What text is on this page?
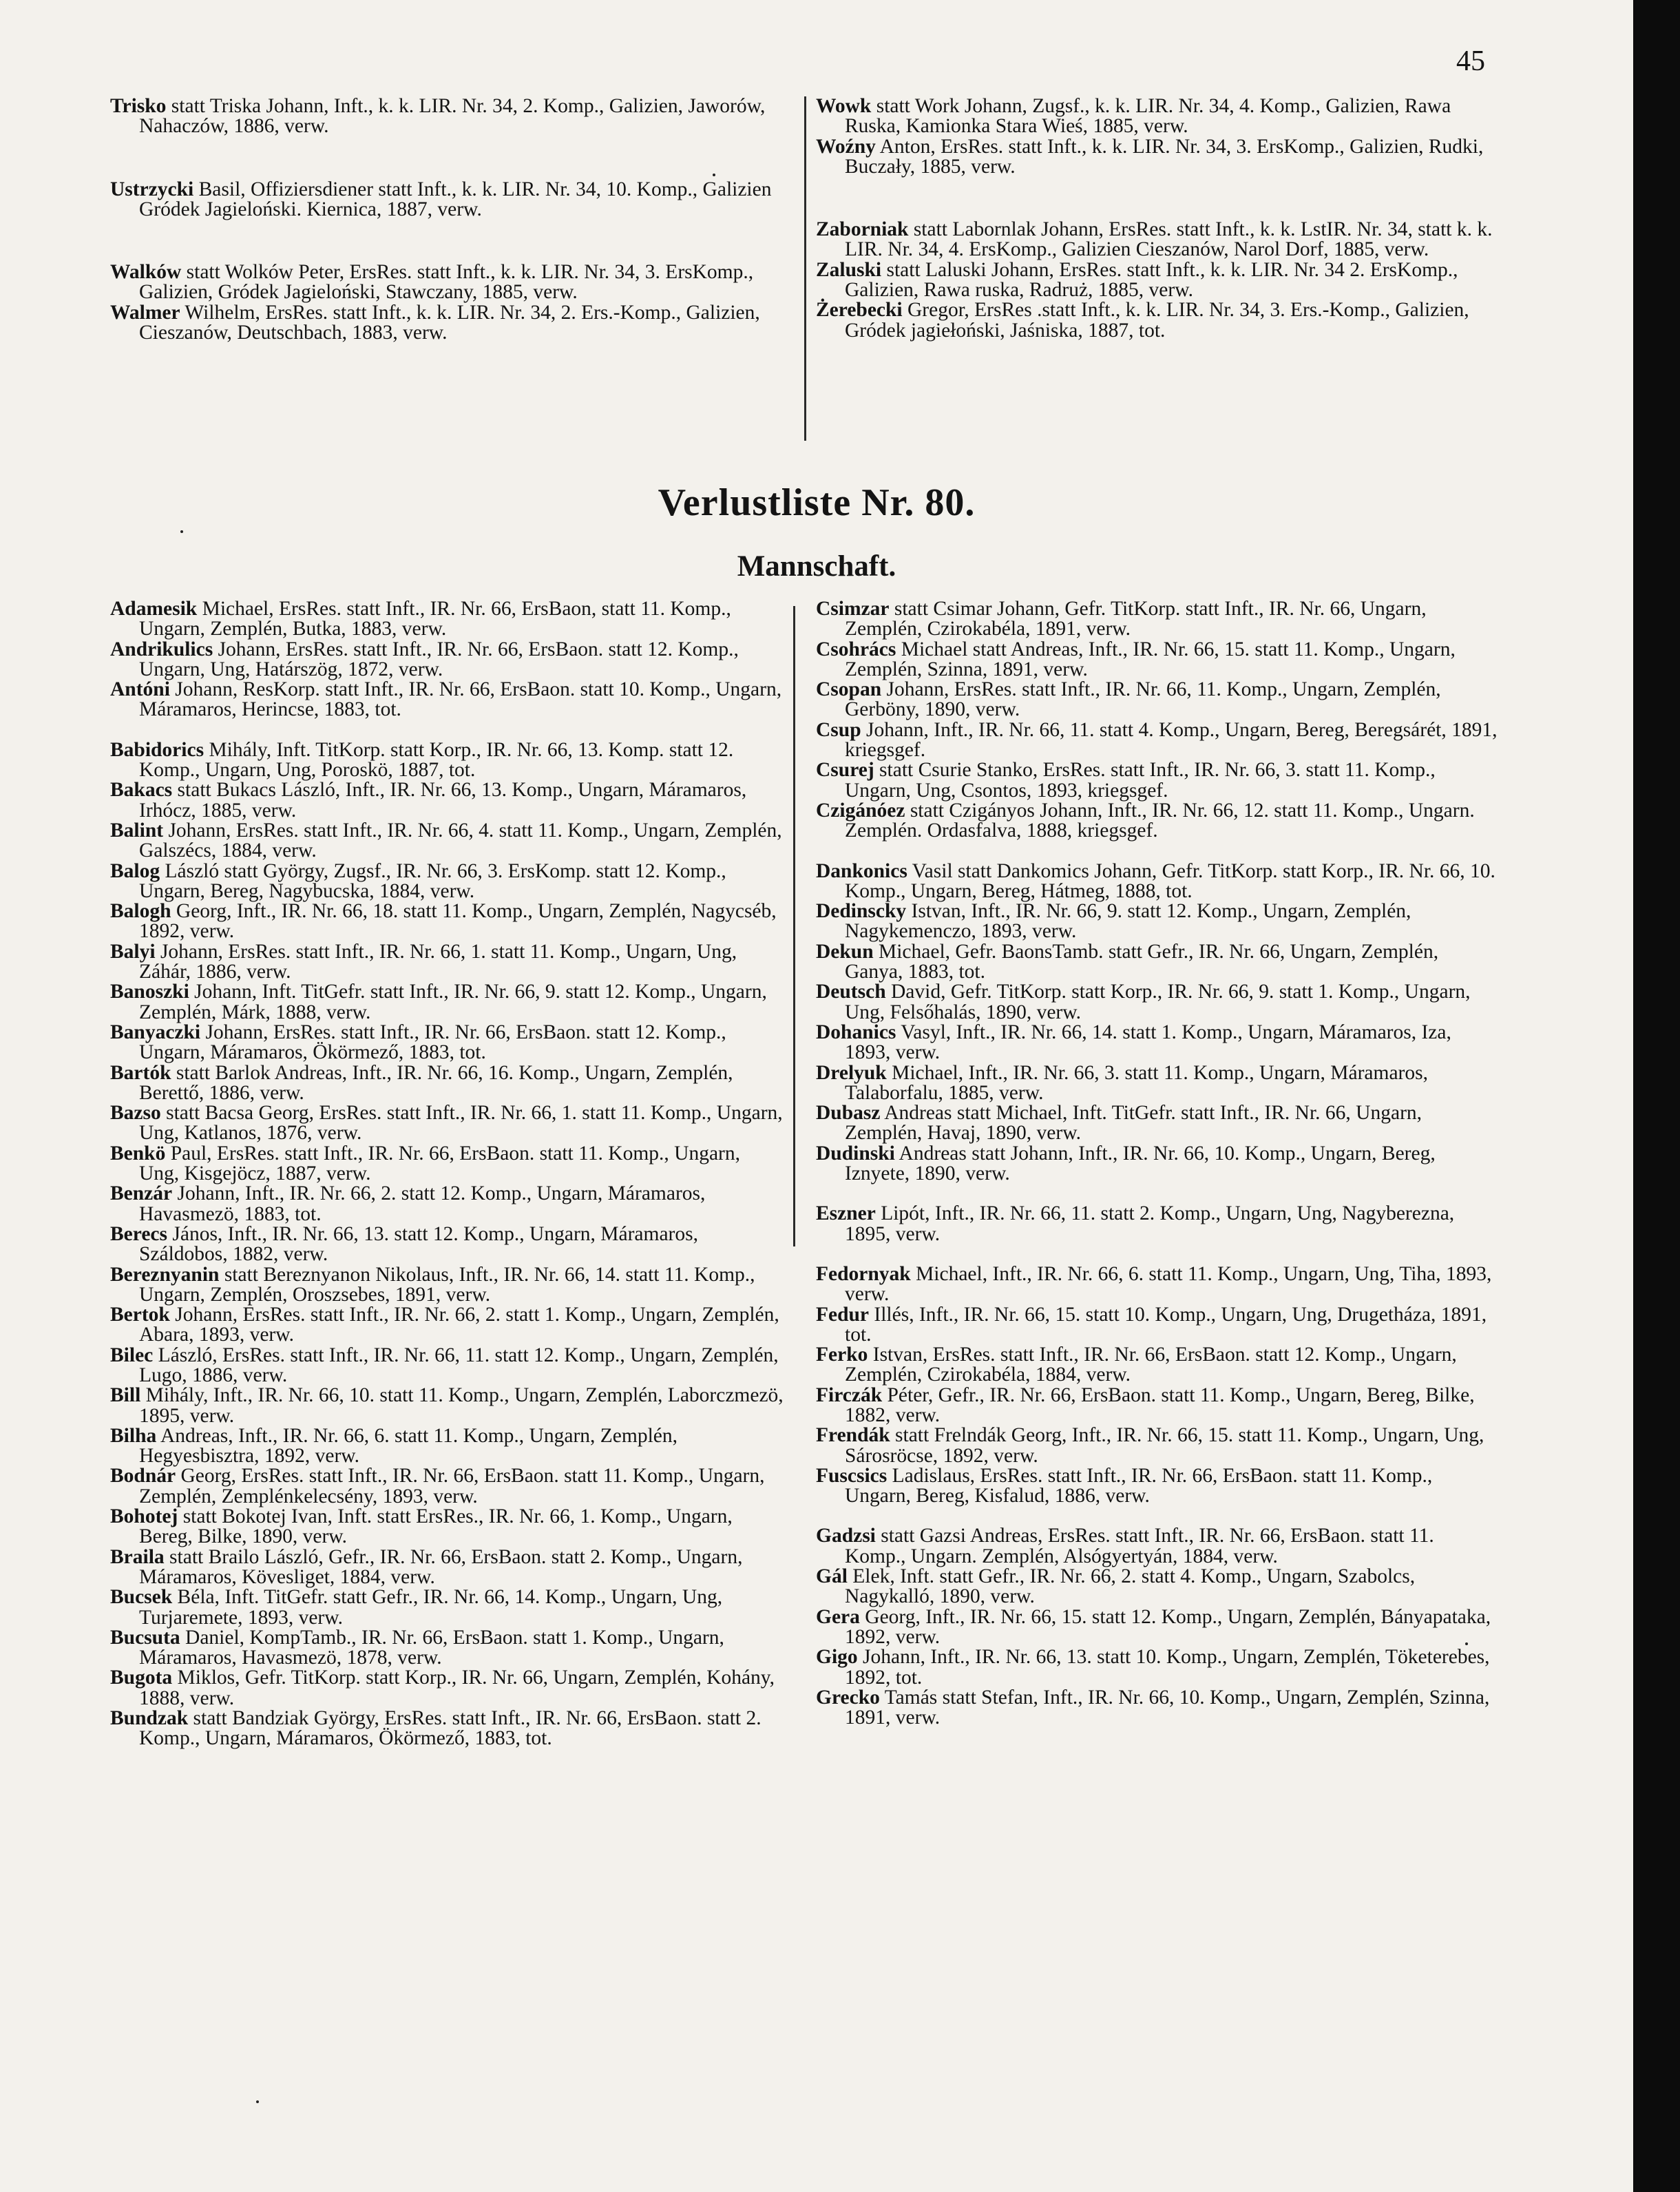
45

Trisko statt Triska Johann, Inft., k. k. LIR. Nr. 34, 2. Komp., Galizien, Jaworów, Nahaczów, 1886, verw.

Ustrzycki Basil, Offiziersdiener statt Inft., k. k. LIR. Nr. 34, 10. Komp., Galizien Gródek Jagieloński. Kiernica, 1887, verw.

Walków statt Wolków Peter, ErsRes. statt Inft., k. k. LIR. Nr. 34, 3. ErsKomp., Galizien, Gródek Jagieloński, Stawczany, 1885, verw.

Walmer Wilhelm, ErsRes. statt Inft., k. k. LIR. Nr. 34, 2. Ers.-Komp., Galizien, Cieszanów, Deutschbach, 1883, verw.

Wowk statt Work Johann, Zugsf., k. k. LIR. Nr. 34, 4. Komp., Galizien, Rawa Ruska, Kamionka Stara Wieś, 1885, verw.

Woźny Anton, ErsRes. statt Inft., k. k. LIR. Nr. 34, 3. ErsKomp., Galizien, Rudki, Buczały, 1885, verw.

Zaborniak statt Labornlak Johann, ErsRes. statt Inft., k. k. LstIR. Nr. 34, statt k. k. LIR. Nr. 34, 4. ErsKomp., Galizien Cieszanów, Narol Dorf, 1885, verw.

Zaluski statt Laluski Johann, ErsRes. statt Inft., k. k. LIR. Nr. 34 2. ErsKomp., Galizien, Rawa ruska, Radruż, 1885, verw.

Żerebecki Gregor, ErsRes .statt Inft., k. k. LIR. Nr. 34, 3. Ers.-Komp., Galizien, Gródek jagiełoński, Jaśniska, 1887, tot.

Verlustliste Nr. 80.
Mannschaft.

Adamesik Michael, ErsRes. statt Inft., IR. Nr. 66, ErsBaon, statt 11. Komp., Ungarn, Zemplén, Butka, 1883, verw.

Andrikulics Johann, ErsRes. statt Inft., IR. Nr. 66, ErsBaon. statt 12. Komp., Ungarn, Ung, Határszög, 1872, verw.

Antóni Johann, ResKorp. statt Inft., IR. Nr. 66, ErsBaon. statt 10. Komp., Ungarn, Máramaros, Herincse, 1883, tot.

Babidorics Mihály, Inft. TitKorp. statt Korp., IR. Nr. 66, 13. Komp. statt 12. Komp., Ungarn, Ung, Poroskö, 1887, tot.

Bakacs statt Bukacs László, Inft., IR. Nr. 66, 13. Komp., Ungarn, Máramaros, Irhócz, 1885, verw.

Balint Johann, ErsRes. statt Inft., IR. Nr. 66, 4. statt 11. Komp., Ungarn, Zemplén, Galszécs, 1884, verw.

Balog László statt György, Zugsf., IR. Nr. 66, 3. ErsKomp. statt 12. Komp., Ungarn, Bereg, Nagybucska, 1884, verw.

Balogh Georg, Inft., IR. Nr. 66, 18. statt 11. Komp., Ungarn, Zemplén, Nagycséb, 1892, verw.

Balyi Johann, ErsRes. statt Inft., IR. Nr. 66, 1. statt 11. Komp., Ungarn, Ung, Záhár, 1886, verw.

Banoszki Johann, Inft. TitGefr. statt Inft., IR. Nr. 66, 9. statt 12. Komp., Ungarn, Zemplén, Márk, 1888, verw.

Banyaczki Johann, ErsRes. statt Inft., IR. Nr. 66, ErsBaon. statt 12. Komp., Ungarn, Máramaros, Ökörmező, 1883, tot.

Bartók statt Barlok Andreas, Inft., IR. Nr. 66, 16. Komp., Ungarn, Zemplén, Berettő, 1886, verw.

Bazso statt Bacsa Georg, ErsRes. statt Inft., IR. Nr. 66, 1. statt 11. Komp., Ungarn, Ung, Katlanos, 1876, verw.

Benkö Paul, ErsRes. statt Inft., IR. Nr. 66, ErsBaon. statt 11. Komp., Ungarn, Ung, Kisgejöcz, 1887, verw.

Benzár Johann, Inft., IR. Nr. 66, 2. statt 12. Komp., Ungarn, Máramaros, Havasmezö, 1883, tot.

Berecs János, Inft., IR. Nr. 66, 13. statt 12. Komp., Ungarn, Máramaros, Száldobos, 1882, verw.

Bereznyanin statt Bereznyanon Nikolaus, Inft., IR. Nr. 66, 14. statt 11. Komp., Ungarn, Zemplén, Oroszsebes, 1891, verw.

Bertok Johann, ErsRes. statt Inft., IR. Nr. 66, 2. statt 1. Komp., Ungarn, Zemplén, Abara, 1893, verw.

Bilec László, ErsRes. statt Inft., IR. Nr. 66, 11. statt 12. Komp., Ungarn, Zemplén, Lugo, 1886, verw.

Bill Mihály, Inft., IR. Nr. 66, 10. statt 11. Komp., Ungarn, Zemplén, Laborczmezö, 1895, verw.

Bilha Andreas, Inft., IR. Nr. 66, 6. statt 11. Komp., Ungarn, Zemplén, Hegyesbisztra, 1892, verw.

Bodnár Georg, ErsRes. statt Inft., IR. Nr. 66, ErsBaon. statt 11. Komp., Ungarn, Zemplén, Zemplénkelecsény, 1893, verw.

Bohotej statt Bokotej Ivan, Inft. statt ErsRes., IR. Nr. 66, 1. Komp., Ungarn, Bereg, Bilke, 1890, verw.

Braila statt Brailo László, Gefr., IR. Nr. 66, ErsBaon. statt 2. Komp., Ungarn, Máramaros, Kövesliget, 1884, verw.

Bucsek Béla, Inft. TitGefr. statt Gefr., IR. Nr. 66, 14. Komp., Ungarn, Ung, Turjaremete, 1893, verw.

Bucsuta Daniel, KompTamb., IR. Nr. 66, ErsBaon. statt 1. Komp., Ungarn, Máramaros, Havasmezö, 1878, verw.

Bugota Miklos, Gefr. TitKorp. statt Korp., IR. Nr. 66, Ungarn, Zemplén, Kohány, 1888, verw.

Bundzak statt Bandziak György, ErsRes. statt Inft., IR. Nr. 66, ErsBaon. statt 2. Komp., Ungarn, Máramaros, Ökörmező, 1883, tot.

Csimzar statt Csimar Johann, Gefr. TitKorp. statt Inft., IR. Nr. 66, Ungarn, Zemplén, Czirokabéla, 1891, verw.

Csohrács Michael statt Andreas, Inft., IR. Nr. 66, 15. statt 11. Komp., Ungarn, Zemplén, Szinna, 1891, verw.

Csopan Johann, ErsRes. statt Inft., IR. Nr. 66, 11. Komp., Ungarn, Zemplén, Gerböny, 1890, verw.

Csup Johann, Inft., IR. Nr. 66, 11. statt 4. Komp., Ungarn, Bereg, Beregsárét, 1891, kriegsgef.

Csurej statt Csurie Stanko, ErsRes. statt Inft., IR. Nr. 66, 3. statt 11. Komp., Ungarn, Ung, Csontos, 1893, kriegsgef.

Czigánóez statt Czigányos Johann, Inft., IR. Nr. 66, 12. statt 11. Komp., Ungarn. Zemplén. Ordasfalva, 1888, kriegsgef.

Dankonics Vasil statt Dankomics Johann, Gefr. TitKorp. statt Korp., IR. Nr. 66, 10. Komp., Ungarn, Bereg, Hátmeg, 1888, tot.

Dedinscky Istvan, Inft., IR. Nr. 66, 9. statt 12. Komp., Ungarn, Zemplén, Nagykemenczo, 1893, verw.

Dekun Michael, Gefr. BaonsTamb. statt Gefr., IR. Nr. 66, Ungarn, Zemplén, Ganya, 1883, tot.

Deutsch David, Gefr. TitKorp. statt Korp., IR. Nr. 66, 9. statt 1. Komp., Ungarn, Ung, Felsőhalás, 1890, verw.

Dohanics Vasyl, Inft., IR. Nr. 66, 14. statt 1. Komp., Ungarn, Máramaros, Iza, 1893, verw.

Drelyuk Michael, Inft., IR. Nr. 66, 3. statt 11. Komp., Ungarn, Máramaros, Talaborfalu, 1885, verw.

Dubasz Andreas statt Michael, Inft. TitGefr. statt Inft., IR. Nr. 66, Ungarn, Zemplén, Havaj, 1890, verw.

Dudinski Andreas statt Johann, Inft., IR. Nr. 66, 10. Komp., Ungarn, Bereg, Iznyete, 1890, verw.

Eszner Lipót, Inft., IR. Nr. 66, 11. statt 2. Komp., Ungarn, Ung, Nagyberezna, 1895, verw.

Fedornyak Michael, Inft., IR. Nr. 66, 6. statt 11. Komp., Ungarn, Ung, Tiha, 1893, verw.

Fedur Illés, Inft., IR. Nr. 66, 15. statt 10. Komp., Ungarn, Ung, Drugetháza, 1891, tot.

Ferko Istvan, ErsRes. statt Inft., IR. Nr. 66, ErsBaon. statt 12. Komp., Ungarn, Zemplén, Czirokabéla, 1884, verw.

Firczák Péter, Gefr., IR. Nr. 66, ErsBaon. statt 11. Komp., Ungarn, Bereg, Bilke, 1882, verw.

Frendák statt Frelndák Georg, Inft., IR. Nr. 66, 15. statt 11. Komp., Ungarn, Ung, Sárosröcse, 1892, verw.

Fuscsics Ladislaus, ErsRes. statt Inft., IR. Nr. 66, ErsBaon. statt 11. Komp., Ungarn, Bereg, Kisfalud, 1886, verw.

Gadzsi statt Gazsi Andreas, ErsRes. statt Inft., IR. Nr. 66, ErsBaon. statt 11. Komp., Ungarn. Zemplén, Alsógyertyán, 1884, verw.

Gál Elek, Inft. statt Gefr., IR. Nr. 66, 2. statt 4. Komp., Ungarn, Szabolcs, Nagykalló, 1890, verw.

Gera Georg, Inft., IR. Nr. 66, 15. statt 12. Komp., Ungarn, Zemplén, Bányapataka, 1892, verw.

Gigo Johann, Inft., IR. Nr. 66, 13. statt 10. Komp., Ungarn, Zemplén, Töketerebes, 1892, tot.

Grecko Tamás statt Stefan, Inft., IR. Nr. 66, 10. Komp., Ungarn, Zemplén, Szinna, 1891, verw.
